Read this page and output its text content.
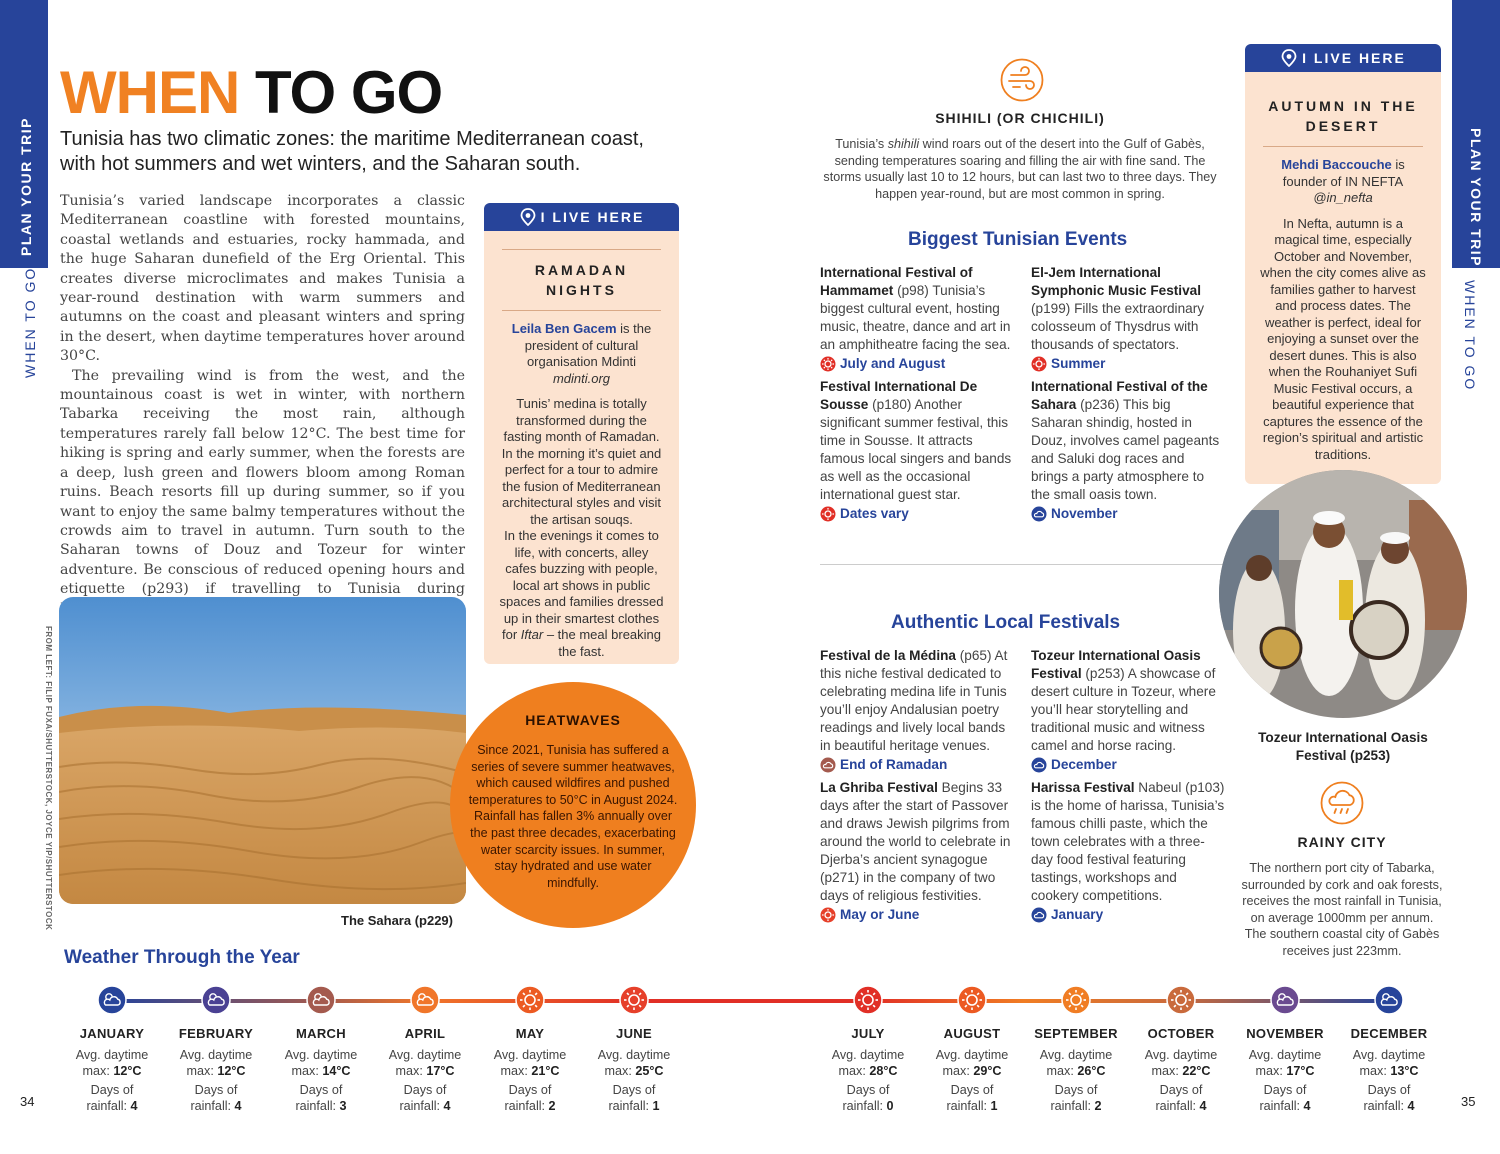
PLAN YOUR TRIP
WHEN TO GO
PLAN YOUR TRIP
WHEN TO GO
WHEN TO GO
Tunisia has two climatic zones: the maritime Mediterranean coast, with hot summers and wet winters, and the Saharan south.

Tunisia’s varied landscape incorporates a classic Mediterranean coastline with forested mountains, coastal wetlands and estuaries, rocky hammada, and the huge Saharan dunefield of the Erg Oriental. This creates diverse microclimates and makes Tunisia a year-round destination with warm summers and autumns on the coast and pleasant winters and spring in the desert, when daytime temperatures hover around 30°C.

The prevailing wind is from the west, and the mountainous coast is wet in winter, with northern Tabarka receiving the most rain, although temperatures rarely fall below 12°C. The best time for hiking is spring and early summer, when the forests are a deep, lush green and flowers bloom among Roman ruins. Beach resorts fill up during summer, so if you want to enjoy the same balmy temperatures without the crowds aim to travel in autumn. Turn south to the Saharan towns of Douz and Tozeur for winter adventure. Be conscious of reduced opening hours and etiquette (p293) if travelling to Tunisia during

I LIVE HERE
RAMADAN NIGHTS
Leila Ben Gacem is the president of cultural organisation Mdinti
mdinti.org
Tunis’ medina is totally transformed during the fasting month of Ramadan. In the morning it’s quiet and perfect for a tour to admire the fusion of Mediterranean architectural styles and visit the artisan souqs.
In the evenings it comes to life, with concerts, alley cafes buzzing with people, local art shows in public spaces and families dressed up in their smartest clothes for Iftar – the meal breaking the fast.
FROM LEFT: FILIP FUXA/SHUTTERSTOCK, JOYCE YIP/SHUTTERSTOCK	The Sahara (p229)
HEATWAVES

Since 2021, Tunisia has suffered a series of severe summer heatwaves, which caused wildfires and pushed temperatures to 50°C in August 2024. Rainfall has fallen 3% annually over the past three decades, exacerbating water scarcity issues. In summer, stay hydrated and use water mindfully.

SHIHILI (OR CHICHILI)
Tunisia’s shihili wind roars out of the desert into the Gulf of Gabès, sending temperatures soaring and filling the air with fine sand. The storms usually last 10 to 12 hours, but can last two to three days. They happen year-round, but are most common in spring.
Biggest Tunisian Events
International Festival of Hammamet (p98) Tunisia’s biggest cultural event, hosting music, theatre, dance and art in an amphitheatre facing the sea.
July and August
Festival International De Sousse (p180) Another significant summer festival, this time in Sousse. It attracts famous local singers and bands as well as the occasional international guest star.
Dates vary
El-Jem International Symphonic Music Festival (p199) Fills the extraordinary colosseum of Thysdrus with thousands of spectators.
Summer
International Festival of the Sahara (p236) This big Saharan shindig, hosted in Douz, involves camel pageants and Saluki dog races and brings a party atmosphere to the small oasis town.
November
Authentic Local Festivals
Festival de la Médina (p65) At this niche festival dedicated to celebrating medina life in Tunis you’ll enjoy Andalusian poetry readings and lively local bands in beautiful heritage venues.
End of Ramadan
La Ghriba Festival Begins 33 days after the start of Passover and draws Jewish pilgrims from around the world to celebrate in Djerba’s ancient synagogue (p271) in the company of two days of religious festivities.
May or June
Tozeur International Oasis Festival (p253) A showcase of desert culture in Tozeur, where you’ll hear storytelling and traditional music and witness camel and horse racing.
December
Harissa Festival Nabeul (p103) is the home of harissa, Tunisia’s famous chilli paste, which the town celebrates with a three-day food festival featuring tastings, workshops and cookery competitions.
January
I LIVE HERE
AUTUMN IN THE DESERT
Mehdi Baccouche is founder of IN NEFTA
@in_nefta
In Nefta, autumn is a magical time, especially October and November, when the city comes alive as families gather to harvest and process dates. The weather is perfect, ideal for enjoying a sunset over the desert dunes. This is also when the Rouhaniyet Sufi Music Festival occurs, a beautiful experience that captures the essence of the region’s spiritual and artistic traditions.
Tozeur International Oasis Festival (p253)
RAINY CITY
The northern port city of Tabarka, surrounded by cork and oak forests, receives the most rainfall in Tunisia, on average 1000mm per annum. The southern coastal city of Gabès receives just 223mm.
Weather Through the Year
JANUARY
Avg. daytime
max: 12°C
Days of
rainfall: 4
FEBRUARY
Avg. daytime
max: 12°C
Days of
rainfall: 4
MARCH
Avg. daytime
max: 14°C
Days of
rainfall: 3
APRIL
Avg. daytime
max: 17°C
Days of
rainfall: 4
MAY
Avg. daytime
max: 21°C
Days of
rainfall: 2
JUNE
Avg. daytime
max: 25°C
Days of
rainfall: 1
JULY
Avg. daytime
max: 28°C
Days of
rainfall: 0
AUGUST
Avg. daytime
max: 29°C
Days of
rainfall: 1
SEPTEMBER
Avg. daytime
max: 26°C
Days of
rainfall: 2
OCTOBER
Avg. daytime
max: 22°C
Days of
rainfall: 4
NOVEMBER
Avg. daytime
max: 17°C
Days of
rainfall: 4
DECEMBER
Avg. daytime
max: 13°C
Days of
rainfall: 4
34	35
